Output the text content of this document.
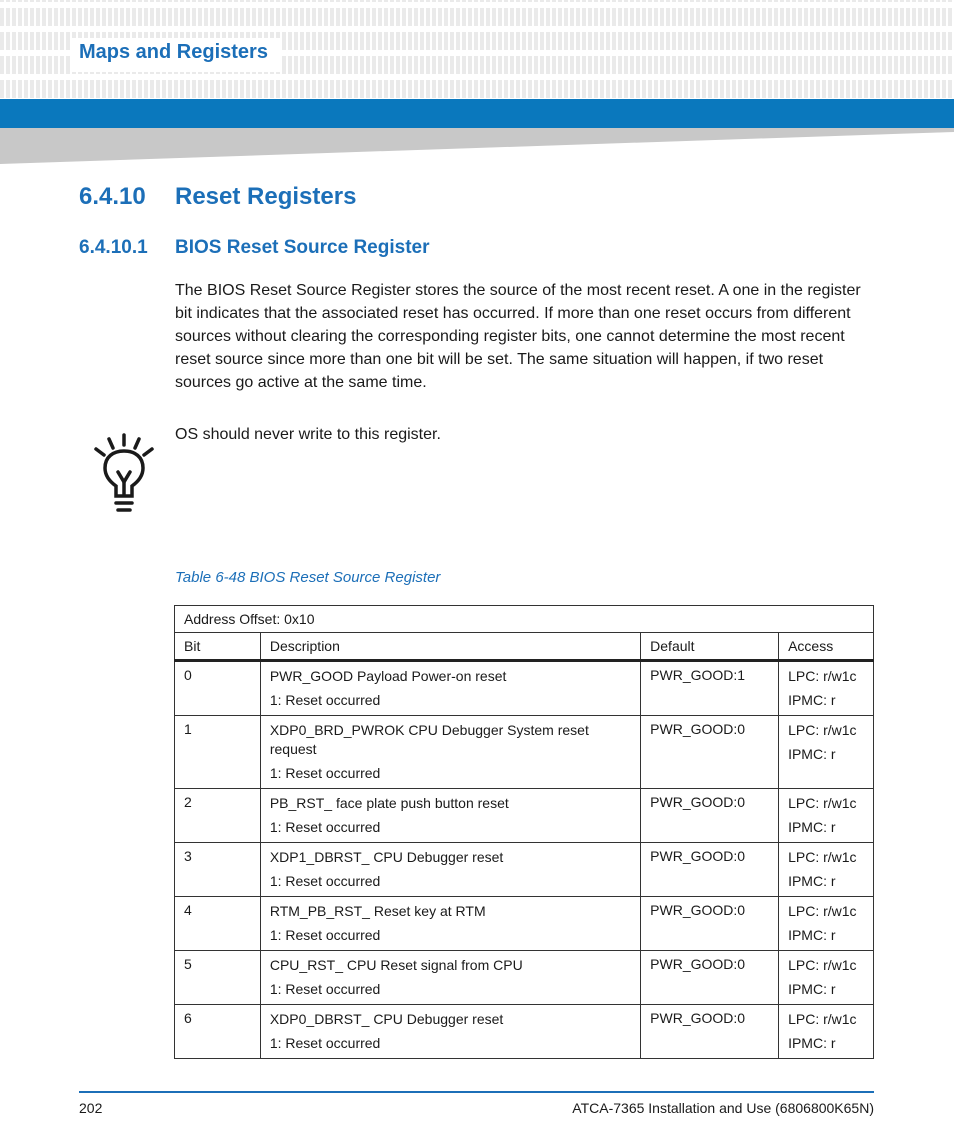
Maps and Registers
6.4.10 Reset Registers
6.4.10.1 BIOS Reset Source Register

The BIOS Reset Source Register stores the source of the most recent reset. A one in the register bit indicates that the associated reset has occurred. If more than one reset occurs from different sources without clearing the corresponding register bits, one cannot determine the most recent reset source since more than one bit will be set. The same situation will happen, if two reset sources go active at the same time.

OS should never write to this register.
Table 6-48 BIOS Reset Source Register
Address Offset: 0x10			
Bit	Description	Default	Access
0	PWR_GOOD Payload Power-on reset
1: Reset occurred	PWR_GOOD:1	LPC: r/w1c
IPMC: r

1	XDP0_BRD_PWROK CPU Debugger System reset request
1: Reset occurred	PWR_GOOD:0	LPC: r/w1c
IPMC: r

2	PB_RST_ face plate push button reset
1: Reset occurred	PWR_GOOD:0	LPC: r/w1c
IPMC: r

3	XDP1_DBRST_ CPU Debugger reset
1: Reset occurred	PWR_GOOD:0	LPC: r/w1c
IPMC: r

4	RTM_PB_RST_ Reset key at RTM
1: Reset occurred	PWR_GOOD:0	LPC: r/w1c
IPMC: r

5	CPU_RST_ CPU Reset signal from CPU
1: Reset occurred	PWR_GOOD:0	LPC: r/w1c
IPMC: r

6	XDP0_DBRST_ CPU Debugger reset
1: Reset occurred	PWR_GOOD:0	LPC: r/w1c
IPMC: r
202	ATCA-7365 Installation and Use (6806800K65N)
